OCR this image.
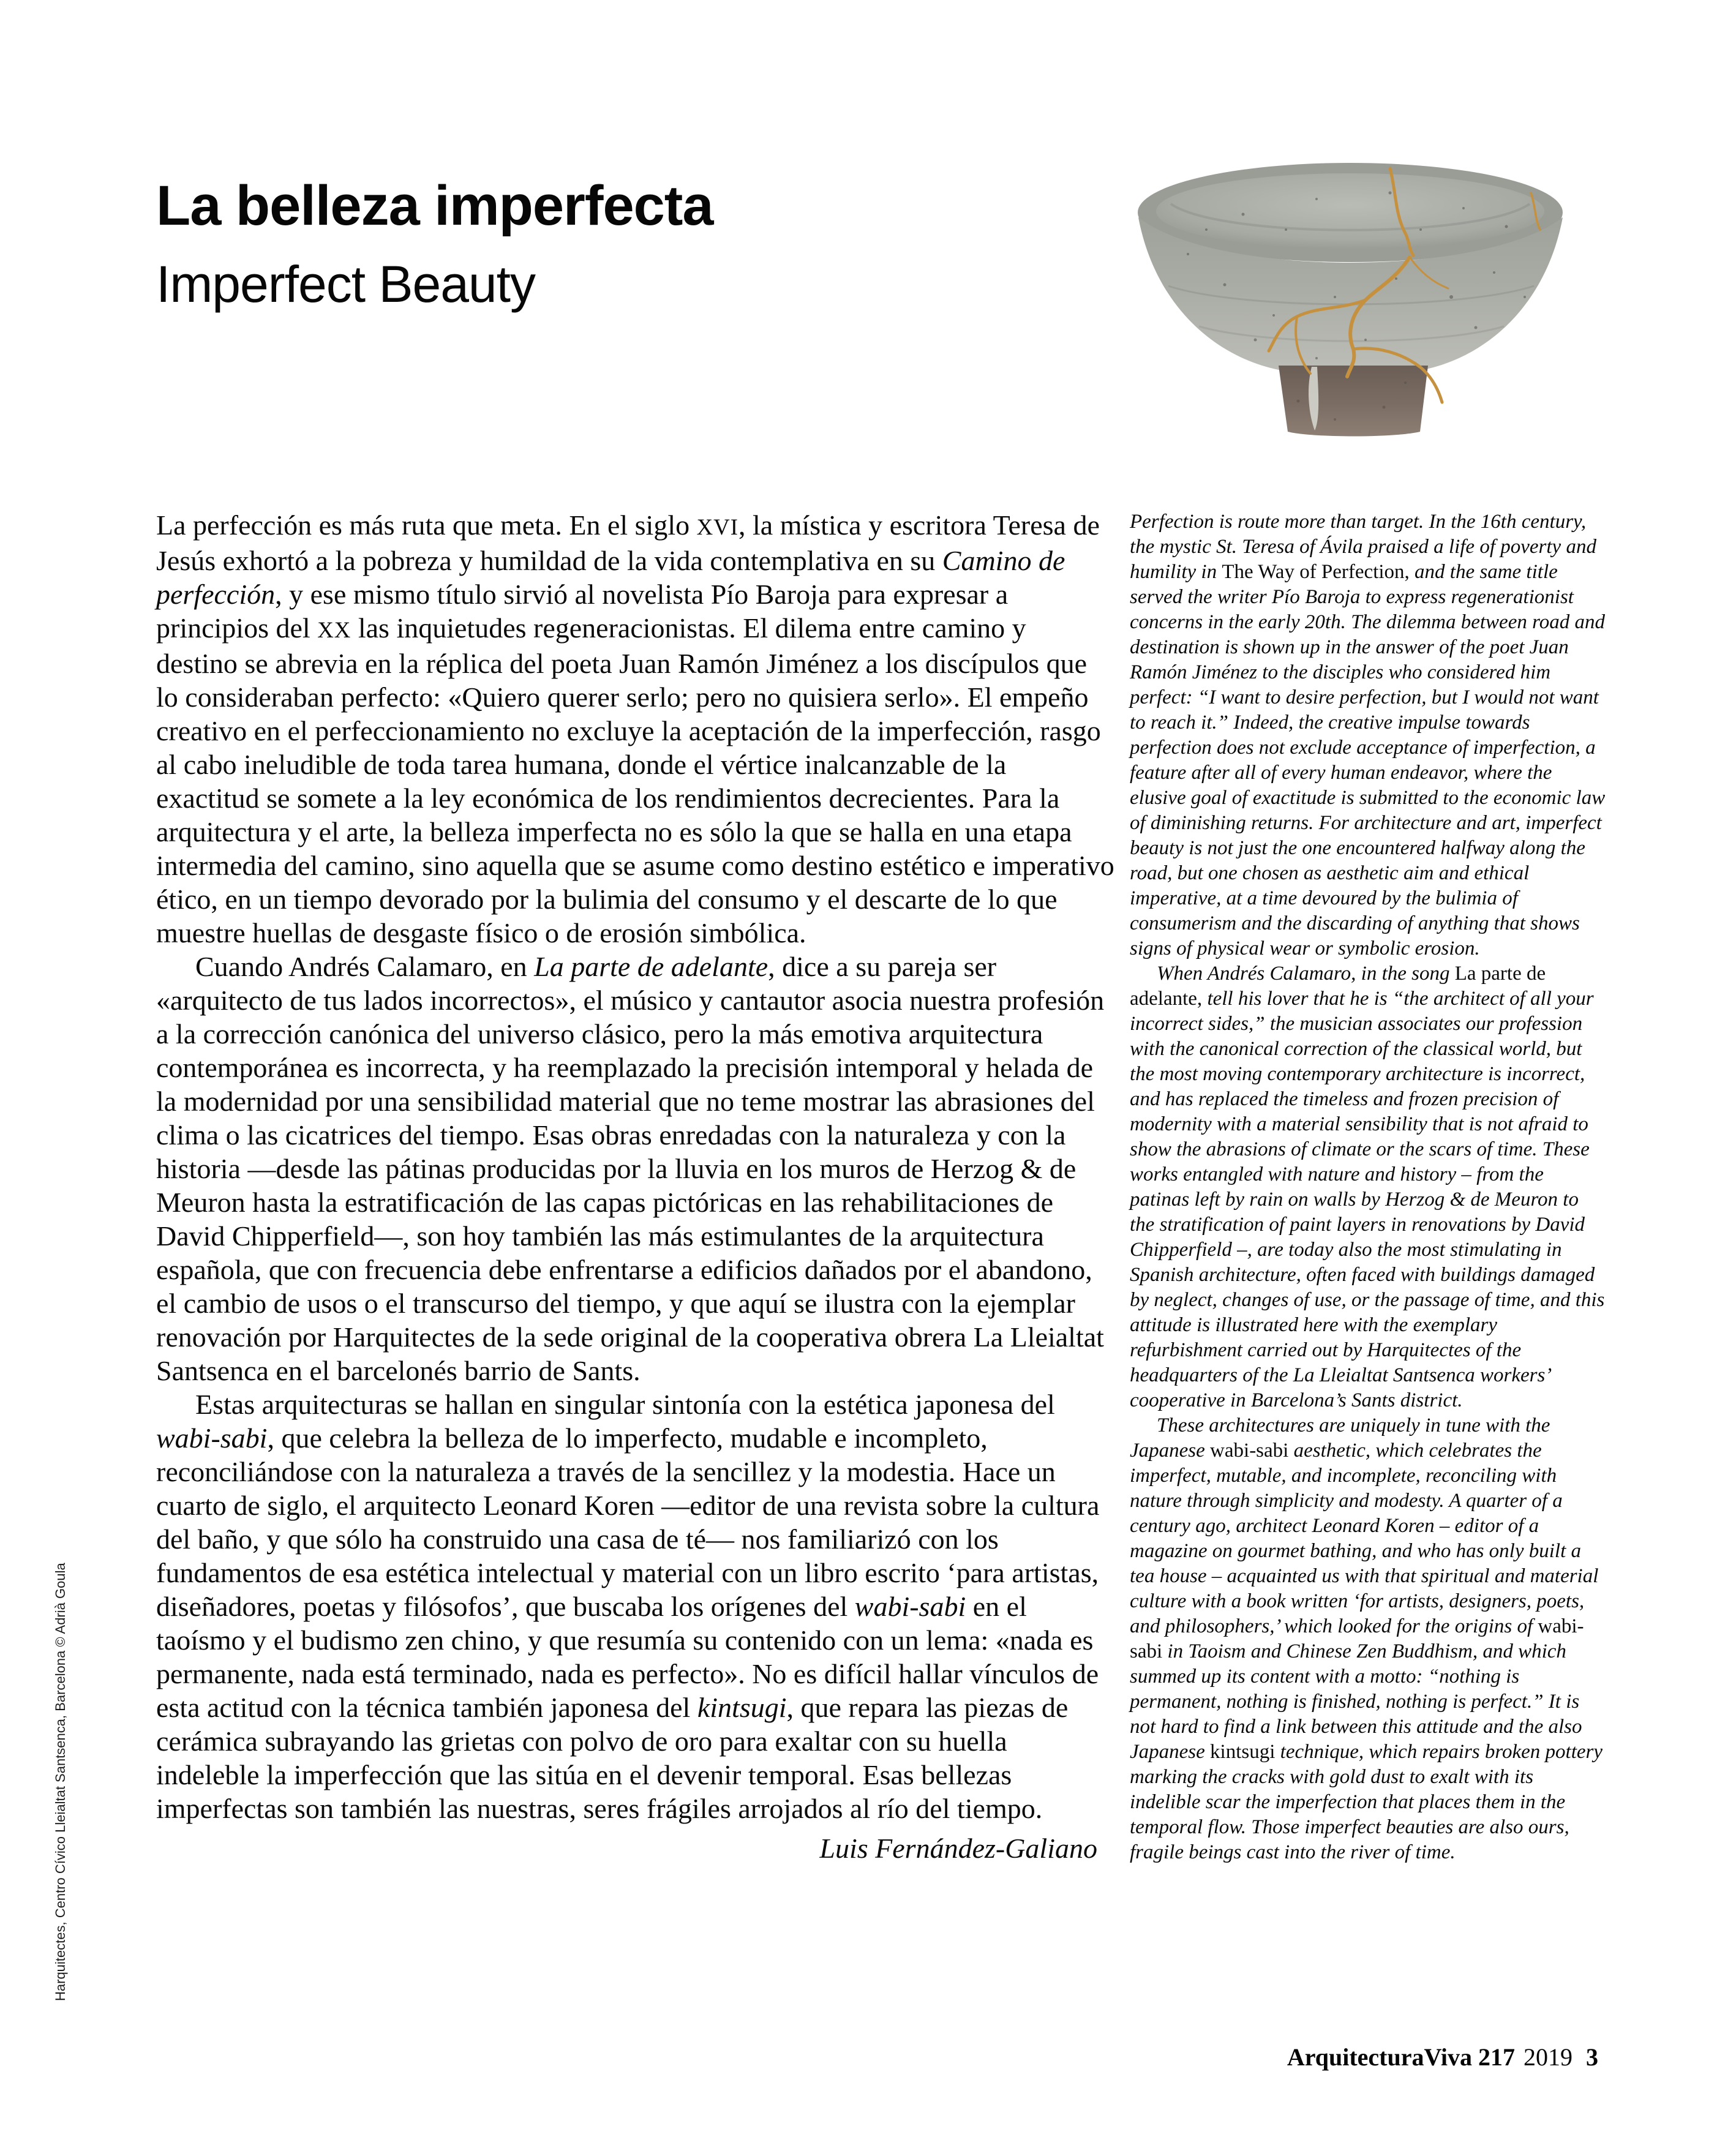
La belleza imperfecta
Imperfect Beauty

La perfección es más ruta que meta. En el siglo XVI, la mística y escritora Teresa de Jesús exhortó a la pobreza y humildad de la vida contemplativa en su Camino de perfección, y ese mismo título sirvió al novelista Pío Baroja para expresar a principios del XX las inquietudes regeneracionistas. El dilema entre camino y destino se abrevia en la réplica del poeta Juan Ramón Jiménez a los discípulos que lo consideraban perfecto: «Quiero querer serlo; pero no quisiera serlo». El empeño creativo en el perfeccionamiento no excluye la aceptación de la imperfección, rasgo al cabo ineludible de toda tarea humana, donde el vértice inalcanzable de la exactitud se somete a la ley económica de los rendimientos decrecientes. Para la arquitectura y el arte, la belleza imperfecta no es sólo la que se halla en una etapa intermedia del camino, sino aquella que se asume como destino estético e imperativo ético, en un tiempo devorado por la bulimia del consumo y el descarte de lo que muestre huellas de desgaste físico o de erosión simbólica.

Cuando Andrés Calamaro, en La parte de adelante, dice a su pareja ser «arquitecto de tus lados incorrectos», el músico y cantautor asocia nuestra profesión a la corrección canónica del universo clásico, pero la más emotiva arquitectura contemporánea es incorrecta, y ha reemplazado la precisión intemporal y helada de la modernidad por una sensibilidad material que no teme mostrar las abrasiones del clima o las cicatrices del tiempo. Esas obras enredadas con la naturaleza y con la historia —desde las pátinas producidas por la lluvia en los muros de Herzog & de Meuron hasta la estratificación de las capas pictóricas en las rehabilitaciones de David Chipperfield—, son hoy también las más estimulantes de la arquitectura española, que con frecuencia debe enfrentarse a edificios dañados por el abandono, el cambio de usos o el transcurso del tiempo, y que aquí se ilustra con la ejemplar renovación por Harquitectes de la sede original de la cooperativa obrera La Lleialtat Santsenca en el barcelonés barrio de Sants.

Estas arquitecturas se hallan en singular sintonía con la estética japonesa del wabi-sabi, que celebra la belleza de lo imperfecto, mudable e incompleto, reconciliándose con la naturaleza a través de la sencillez y la modestia. Hace un cuarto de siglo, el arquitecto Leonard Koren —editor de una revista sobre la cultura del baño, y que sólo ha construido una casa de té— nos familiarizó con los fundamentos de esa estética intelectual y material con un libro escrito ‘para artistas, diseñadores, poetas y filósofos’, que buscaba los orígenes del wabi-sabi en el taoísmo y el budismo zen chino, y que resumía su contenido con un lema: «nada es permanente, nada está terminado, nada es perfecto». No es difícil hallar vínculos de esta actitud con la técnica también japonesa del kintsugi, que repara las piezas de cerámica subrayando las grietas con polvo de oro para exaltar con su huella indeleble la imperfección que las sitúa en el devenir temporal. Esas bellezas imperfectas son también las nuestras, seres frágiles arrojados al río del tiempo.

Luis Fernández-Galiano

Perfection is route more than target. In the 16th century, the mystic St. Teresa of Ávila praised a life of poverty and humility in The Way of Perfection, and the same title served the writer Pío Baroja to express regenerationist concerns in the early 20th. The dilemma between road and destination is shown up in the answer of the poet Juan Ramón Jiménez to the disciples who considered him perfect: “I want to desire perfection, but I would not want to reach it.” Indeed, the creative impulse towards perfection does not exclude acceptance of imperfection, a feature after all of every human endeavor, where the elusive goal of exactitude is submitted to the economic law of diminishing returns. For architecture and art, imperfect beauty is not just the one encountered halfway along the road, but one chosen as aesthetic aim and ethical imperative, at a time devoured by the bulimia of consumerism and the discarding of anything that shows signs of physical wear or symbolic erosion.

When Andrés Calamaro, in the song La parte de adelante, tell his lover that he is “the architect of all your incorrect sides,” the musician associates our profession with the canonical correction of the classical world, but the most moving contemporary architecture is incorrect, and has replaced the timeless and frozen precision of modernity with a material sensibility that is not afraid to show the abrasions of climate or the scars of time. These works entangled with nature and history – from the patinas left by rain on walls by Herzog & de Meuron to the stratification of paint layers in renovations by David Chipperfield –, are today also the most stimulating in Spanish architecture, often faced with buildings damaged by neglect, changes of use, or the passage of time, and this attitude is illustrated here with the exemplary refurbishment carried out by Harquitectes of the headquarters of the La Lleialtat Santsenca workers’ cooperative in Barcelona’s Sants district.

These architectures are uniquely in tune with the Japanese wabi-sabi aesthetic, which celebrates the imperfect, mutable, and incomplete, reconciling with nature through simplicity and modesty. A quarter of a century ago, architect Leonard Koren – editor of a magazine on gourmet bathing, and who has only built a tea house – acquainted us with that spiritual and material culture with a book written ‘for artists, designers, poets, and philosophers,’ which looked for the origins of wabi-sabi in Taoism and Chinese Zen Buddhism, and which summed up its content with a motto: “nothing is permanent, nothing is finished, nothing is perfect.” It is not hard to find a link between this attitude and the also Japanese kintsugi technique, which repairs broken pottery marking the cracks with gold dust to exalt with its indelible scar the imperfection that places them in the temporal flow. Those imperfect beauties are also ours, fragile beings cast into the river of time.

Harquitectes, Centro Cívico Lleialtat Santsenca, Barcelona © Adrià Goula
ArquitecturaViva 217 2019 3
